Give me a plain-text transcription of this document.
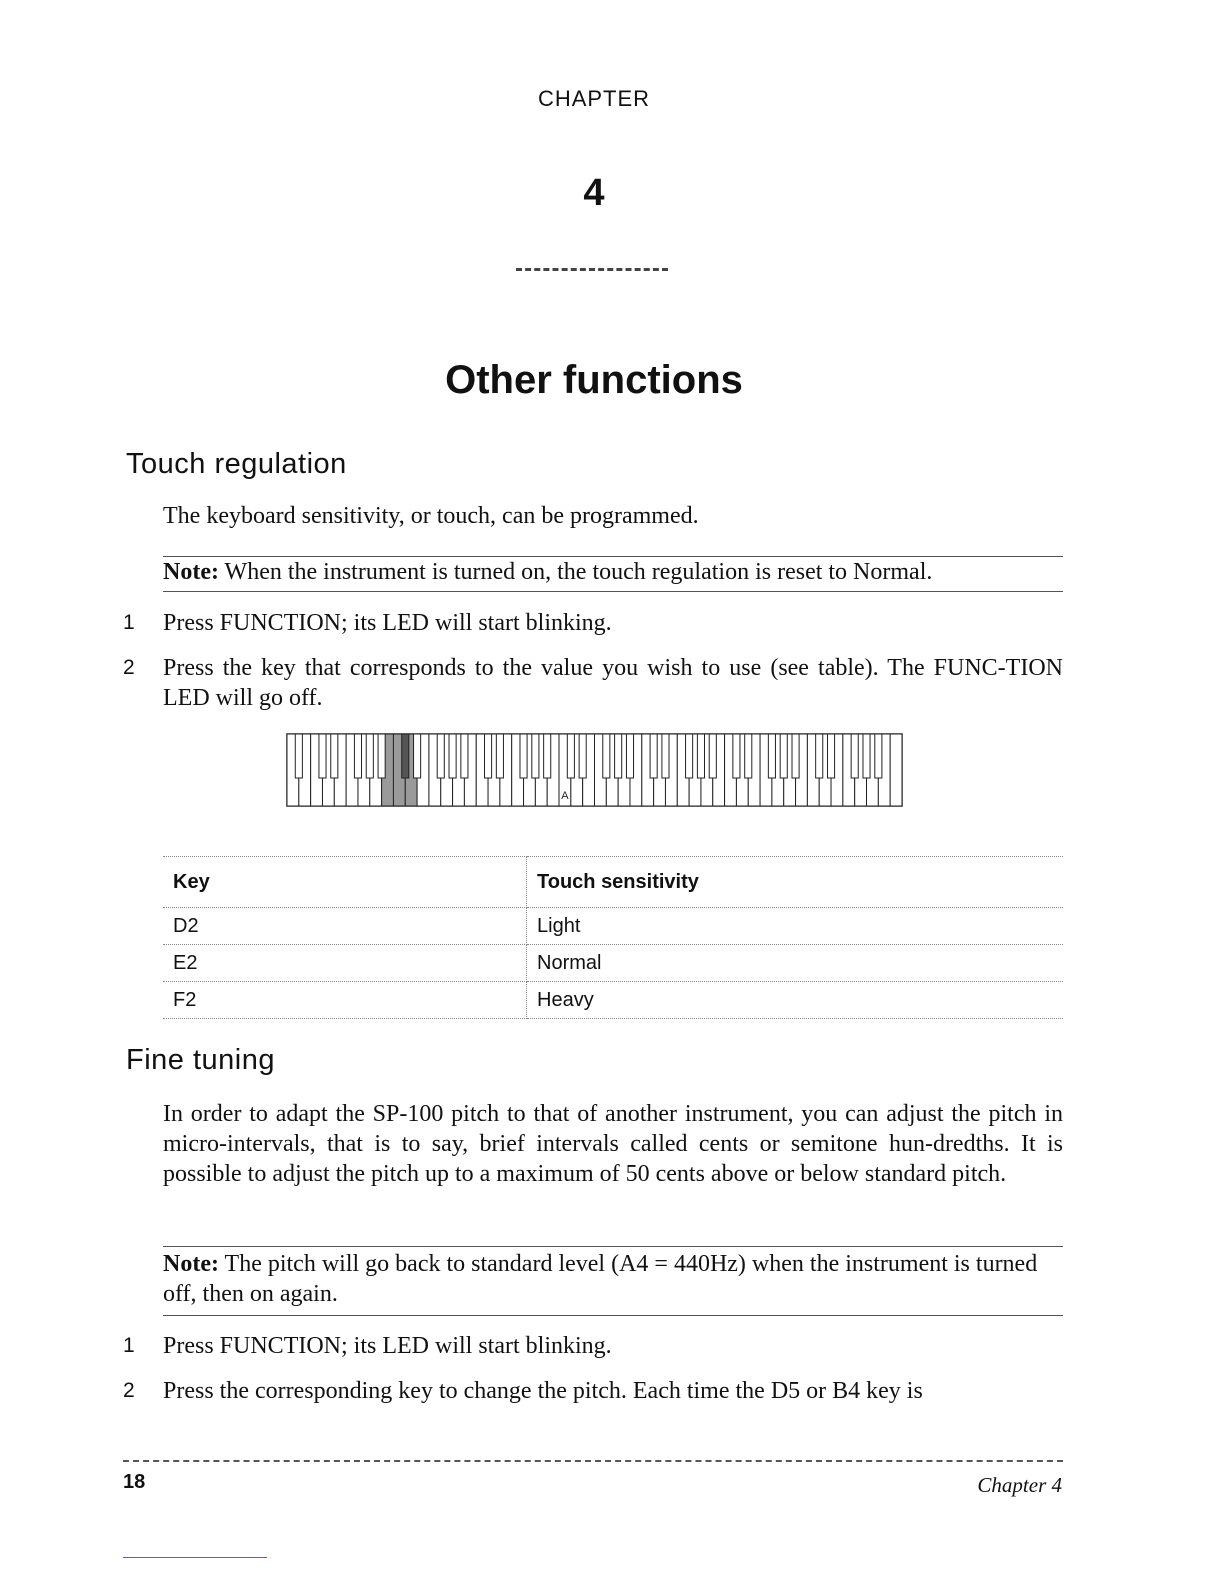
CHAPTER
4
Other functions
Touch regulation
The keyboard sensitivity, or touch, can be programmed.
Note: When the instrument is turned on, the touch regulation is reset to Normal.
1	Press FUNCTION; its LED will start blinking.
2	Press the key that corresponds to the value you wish to use (see table). The FUNC-TION LED will go off.
A
Key	Touch sensitivity
D2	Light
E2	Normal
F2	Heavy
Fine tuning
In order to adapt the SP-100 pitch to that of another instrument, you can adjust the pitch in micro-intervals, that is to say, brief intervals called cents or semitone hun-dredths. It is possible to adjust the pitch up to a maximum of 50 cents above or below standard pitch.
Note: The pitch will go back to standard level (A4 = 440Hz) when the instrument is turned off, then on again.
1	Press FUNCTION; its LED will start blinking.
2	Press the corresponding key to change the pitch. Each time the D5 or B4 key is
18	Chapter 4
